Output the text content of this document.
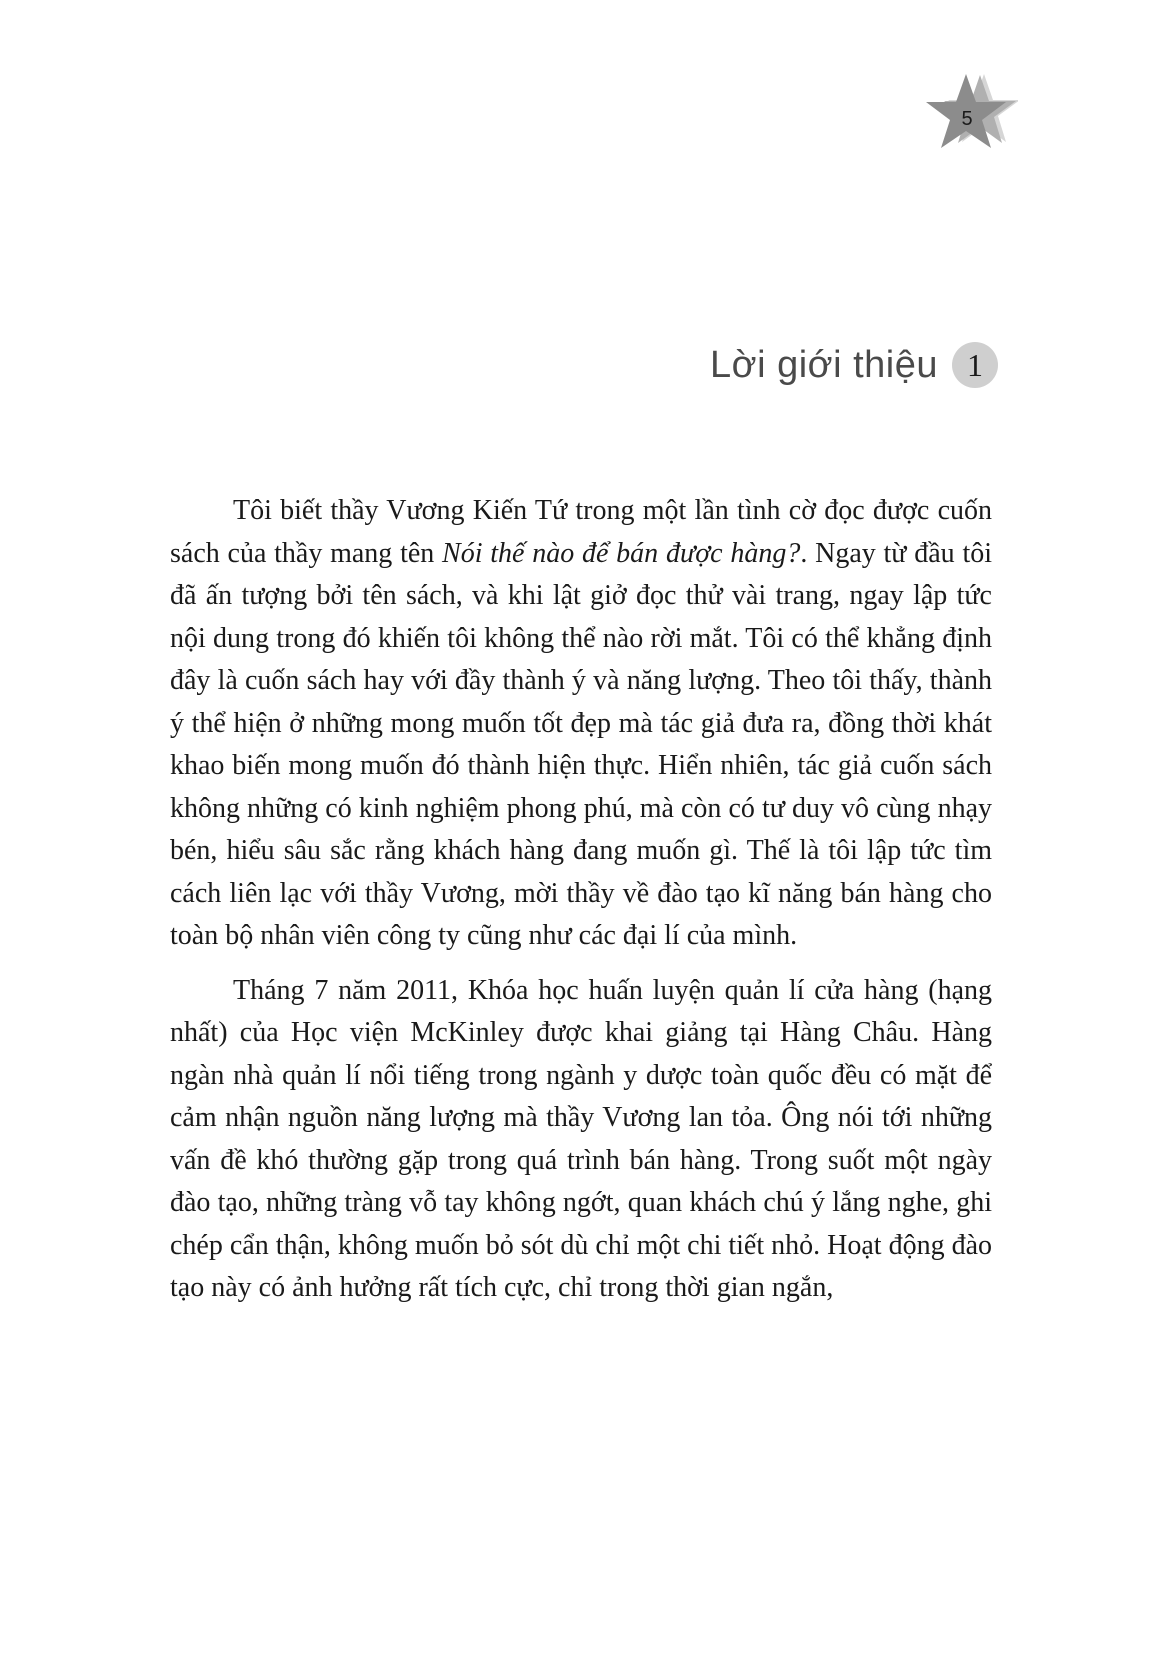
5
Lời giới thiệu 1

Tôi biết thầy Vương Kiến Tứ trong một lần tình cờ đọc được cuốn sách của thầy mang tên Nói thế nào để bán được hàng?. Ngay từ đầu tôi đã ấn tượng bởi tên sách, và khi lật giở đọc thử vài trang, ngay lập tức nội dung trong đó khiến tôi không thể nào rời mắt. Tôi có thể khẳng định đây là cuốn sách hay với đầy thành ý và năng lượng. Theo tôi thấy, thành ý thể hiện ở những mong muốn tốt đẹp mà tác giả đưa ra, đồng thời khát khao biến mong muốn đó thành hiện thực. Hiển nhiên, tác giả cuốn sách không những có kinh nghiệm phong phú, mà còn có tư duy vô cùng nhạy bén, hiểu sâu sắc rằng khách hàng đang muốn gì. Thế là tôi lập tức tìm cách liên lạc với thầy Vương, mời thầy về đào tạo kĩ năng bán hàng cho toàn bộ nhân viên công ty cũng như các đại lí của mình.

Tháng 7 năm 2011, Khóa học huấn luyện quản lí cửa hàng (hạng nhất) của Học viện McKinley được khai giảng tại Hàng Châu. Hàng ngàn nhà quản lí nổi tiếng trong ngành y dược toàn quốc đều có mặt để cảm nhận nguồn năng lượng mà thầy Vương lan tỏa. Ông nói tới những vấn đề khó thường gặp trong quá trình bán hàng. Trong suốt một ngày đào tạo, những tràng vỗ tay không ngớt, quan khách chú ý lắng nghe, ghi chép cẩn thận, không muốn bỏ sót dù chỉ một chi tiết nhỏ. Hoạt động đào tạo này có ảnh hưởng rất tích cực, chỉ trong thời gian ngắn,
